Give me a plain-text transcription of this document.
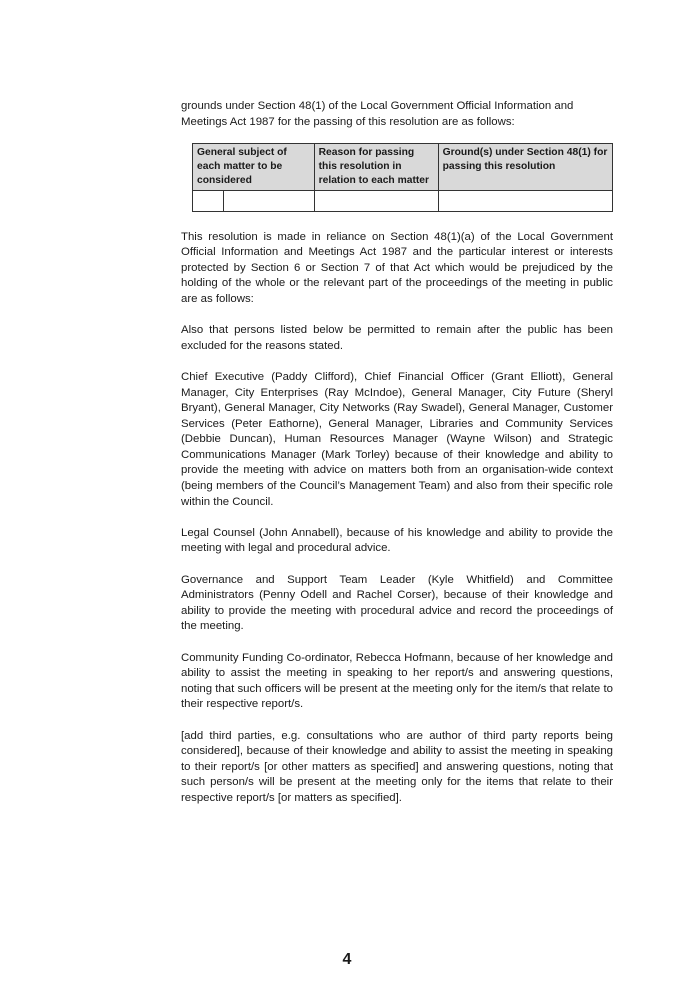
grounds under Section 48(1) of the Local Government Official Information and Meetings Act 1987 for the passing of this resolution are as follows:

General subject of each matter to be considered		Reason for passing this resolution in relation to each matter	Ground(s) under Section 48(1) for passing this resolution

This resolution is made in reliance on Section 48(1)(a) of the Local Government Official Information and Meetings Act 1987 and the particular interest or interests protected by Section 6 or Section 7 of that Act which would be prejudiced by the holding of the whole or the relevant part of the proceedings of the meeting in public are as follows:

Also that persons listed below be permitted to remain after the public has been excluded for the reasons stated.

Chief Executive (Paddy Clifford), Chief Financial Officer (Grant Elliott), General Manager, City Enterprises (Ray McIndoe), General Manager, City Future (Sheryl Bryant), General Manager, City Networks (Ray Swadel), General Manager, Customer Services (Peter Eathorne), General Manager, Libraries and Community Services (Debbie Duncan), Human Resources Manager (Wayne Wilson) and Strategic Communications Manager (Mark Torley) because of their knowledge and ability to provide the meeting with advice on matters both from an organisation-wide context (being members of the Council’s Management Team) and also from their specific role within the Council.

Legal Counsel (John Annabell), because of his knowledge and ability to provide the meeting with legal and procedural advice.

Governance and Support Team Leader (Kyle Whitfield) and Committee Administrators (Penny Odell and Rachel Corser), because of their knowledge and ability to provide the meeting with procedural advice and record the proceedings of the meeting.

Community Funding Co-ordinator, Rebecca Hofmann, because of her knowledge and ability to assist the meeting in speaking to her report/s and answering questions, noting that such officers will be present at the meeting only for the item/s that relate to their respective report/s.

[add third parties, e.g. consultations who are author of third party reports being considered], because of their knowledge and ability to assist the meeting in speaking to their report/s [or other matters as specified] and answering questions, noting that such person/s will be present at the meeting only for the items that relate to their respective report/s [or matters as specified].

4
